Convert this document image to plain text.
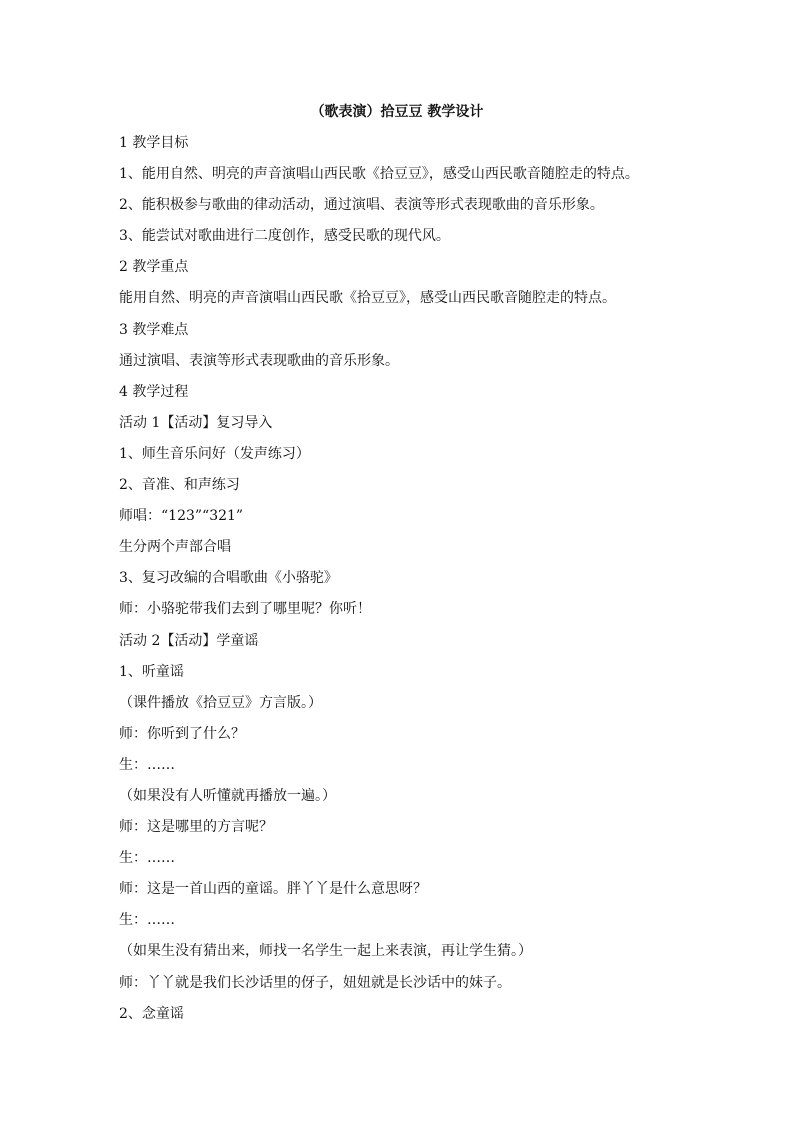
（歌表演）拾豆豆 教学设计
1 教学目标
1、能用自然、明亮的声音演唱山西民歌《拾豆豆》，感受山西民歌音随腔走的特点。
2、能积极参与歌曲的律动活动，通过演唱、表演等形式表现歌曲的音乐形象。
3、能尝试对歌曲进行二度创作，感受民歌的现代风。
2 教学重点
能用自然、明亮的声音演唱山西民歌《拾豆豆》，感受山西民歌音随腔走的特点。
3 教学难点
通过演唱、表演等形式表现歌曲的音乐形象。
4 教学过程
活动 1【活动】复习导入
1、师生音乐问好（发声练习）
2、音准、和声练习
师唱：“123”“321”
生分两个声部合唱
3、复习改编的合唱歌曲《小骆驼》
师：小骆驼带我们去到了哪里呢？你听！
活动 2【活动】学童谣
1、听童谣
（课件播放《拾豆豆》方言版。）
师：你听到了什么？
生：……
（如果没有人听懂就再播放一遍。）
师：这是哪里的方言呢？
生：……
师：这是一首山西的童谣。胖丫丫是什么意思呀？
生：……
（如果生没有猜出来，师找一名学生一起上来表演，再让学生猜。）
师：丫丫就是我们长沙话里的伢子，妞妞就是长沙话中的妹子。
2、念童谣
